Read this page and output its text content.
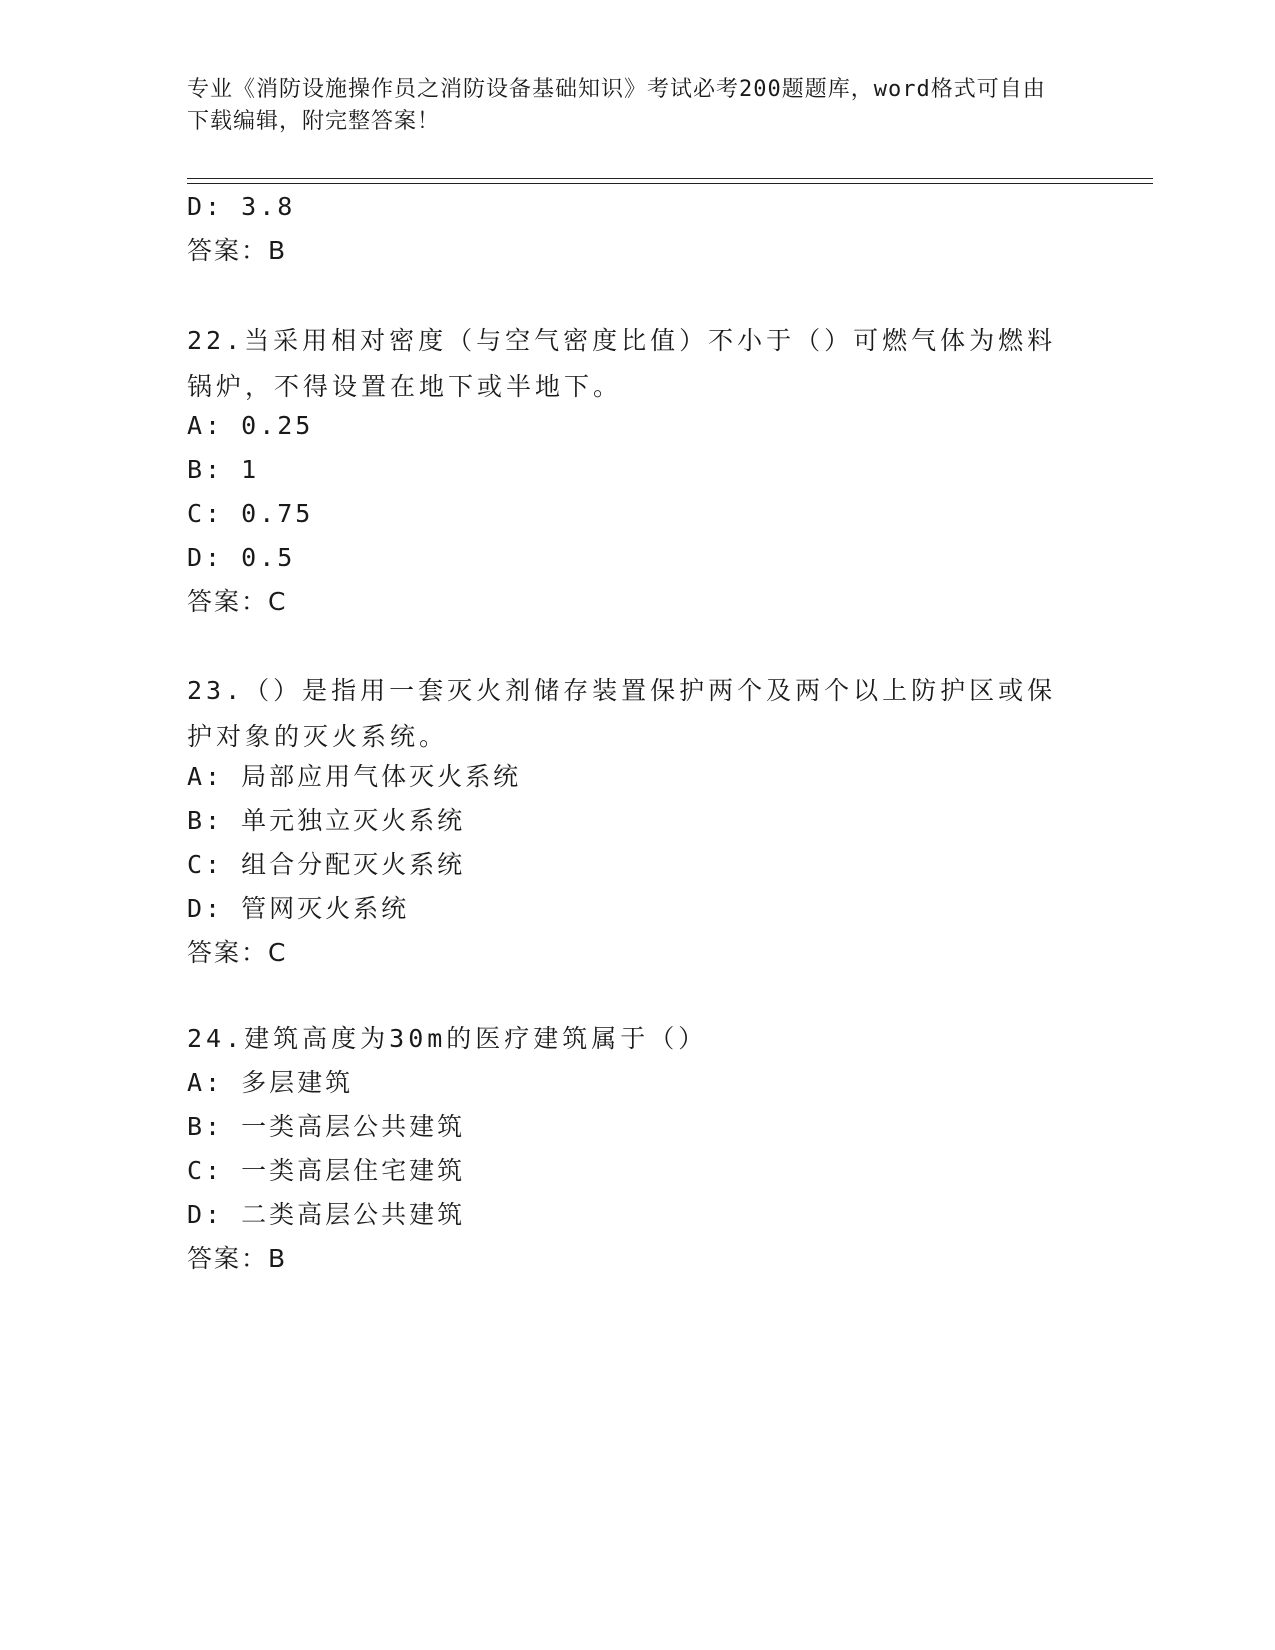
专业《消防设施操作员之消防设备基础知识》考试必考200题题库，word格式可自由下载编辑，附完整答案！
D: 3.8
答案：B
22.当采用相对密度（与空气密度比值）不小于（）可燃气体为燃料锅炉，不得设置在地下或半地下。
A: 0.25
B: 1
C: 0.75
D: 0.5
答案：C
23.（）是指用一套灭火剂储存装置保护两个及两个以上防护区或保护对象的灭火系统。
A: 局部应用气体灭火系统
B: 单元独立灭火系统
C: 组合分配灭火系统
D: 管网灭火系统
答案：C
24.建筑高度为30m的医疗建筑属于（）
A: 多层建筑
B: 一类高层公共建筑
C: 一类高层住宅建筑
D: 二类高层公共建筑
答案：B
